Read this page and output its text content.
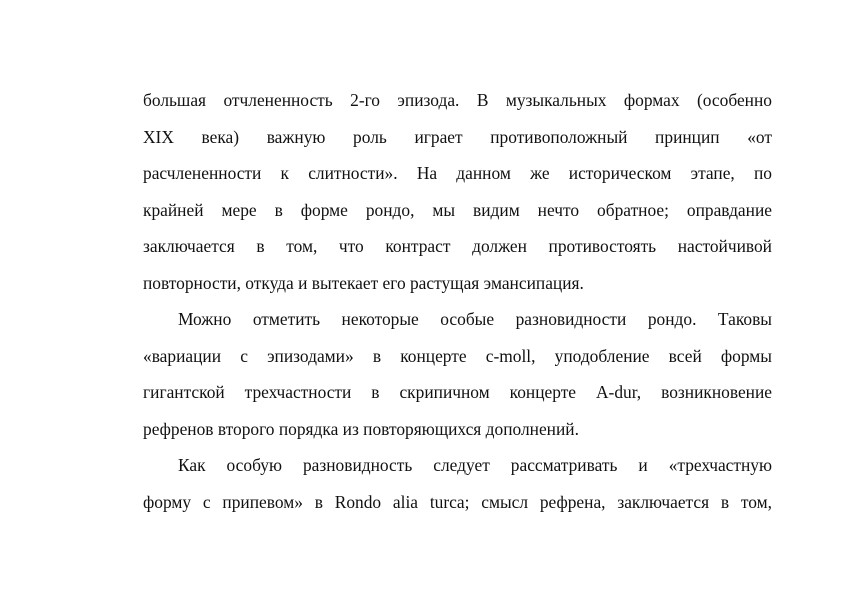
большая отчлененность 2-го эпизода. В музыкальных формах (особенно
XIX века) важную роль играет противоположный принцип «от
расчлененности к слитности». На данном же историческом этапе, по
крайней мере в форме рондо, мы видим нечто обратное; оправдание
заключается в том, что контраст должен противостоять настойчивой
повторности, откуда и вытекает его растущая эмансипация.

Можно отметить некоторые особые разновидности рондо. Таковы
«вариации с эпизодами» в концерте c-moll, уподобление всей формы
гигантской трехчастности в скрипичном концерте A-dur, возникновение
рефренов второго порядка из повторяющихся дополнений.

Как особую разновидность следует рассматривать и «трехчастную
форму с припевом» в Rondo alia turca; смысл рефрена, заключается в том,
